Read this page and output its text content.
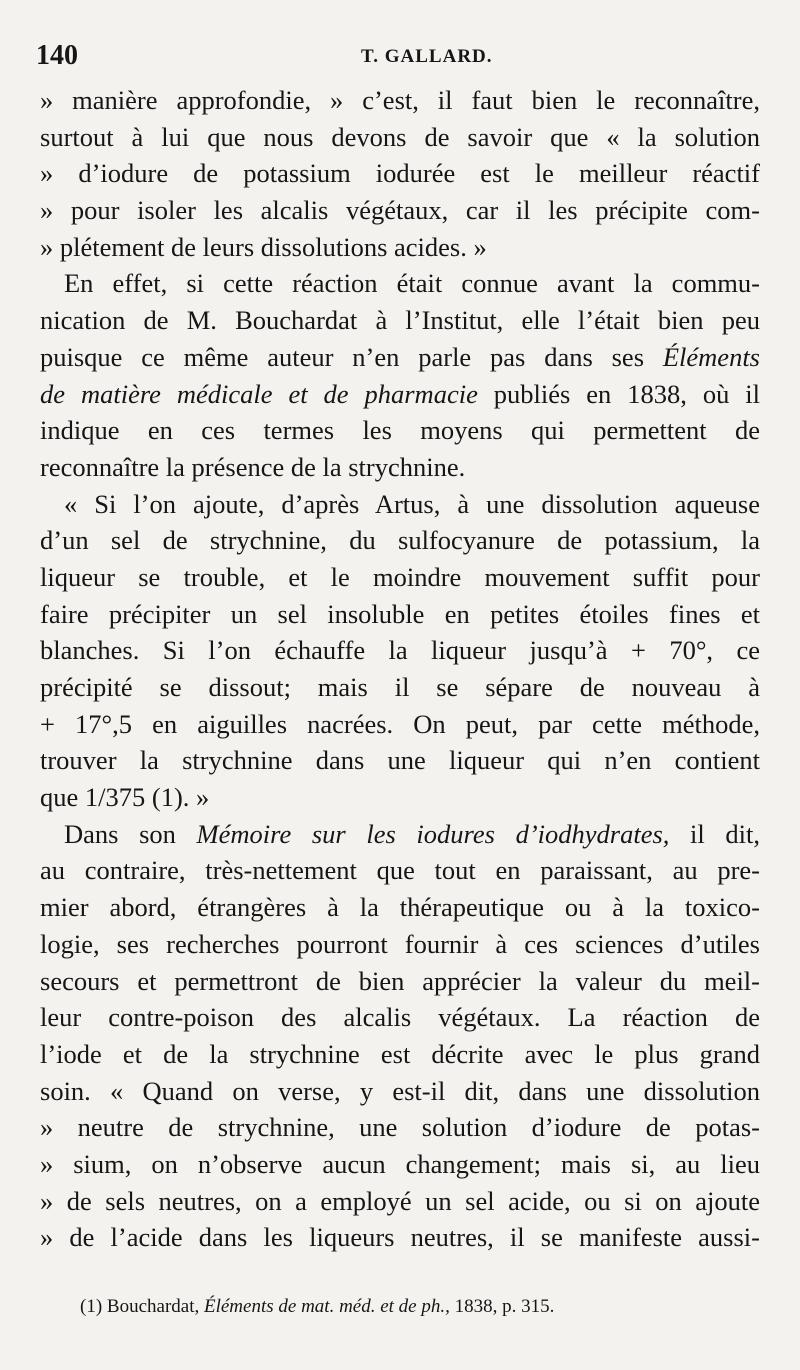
140	T. GALLARD.
» manière approfondie, » c’est, il faut bien le reconnaître,
surtout à lui que nous devons de savoir que « la solution
» d’iodure de potassium iodurée est le meilleur réactif
» pour isoler les alcalis végétaux, car il les précipite com-
» plétement de leurs dissolutions acides. »
En effet, si cette réaction était connue avant la commu-
nication de M. Bouchardat à l’Institut, elle l’était bien peu
puisque ce même auteur n’en parle pas dans ses Éléments
de matière médicale et de pharmacie publiés en 1838, où il
indique en ces termes les moyens qui permettent de
reconnaître la présence de la strychnine.
« Si l’on ajoute, d’après Artus, à une dissolution aqueuse
d’un sel de strychnine, du sulfocyanure de potassium, la
liqueur se trouble, et le moindre mouvement suffit pour
faire précipiter un sel insoluble en petites étoiles fines et
blanches. Si l’on échauffe la liqueur jusqu’à + 70°, ce
précipité se dissout; mais il se sépare de nouveau à
+ 17°,5 en aiguilles nacrées. On peut, par cette méthode,
trouver la strychnine dans une liqueur qui n’en contient
que 1/375 (1). »
Dans son Mémoire sur les iodures d’iodhydrates, il dit,
au contraire, très-nettement que tout en paraissant, au pre-
mier abord, étrangères à la thérapeutique ou à la toxico-
logie, ses recherches pourront fournir à ces sciences d’utiles
secours et permettront de bien apprécier la valeur du meil-
leur contre-poison des alcalis végétaux. La réaction de
l’iode et de la strychnine est décrite avec le plus grand
soin. « Quand on verse, y est-il dit, dans une dissolution
» neutre de strychnine, une solution d’iodure de potas-
» sium, on n’observe aucun changement; mais si, au lieu
» de sels neutres, on a employé un sel acide, ou si on ajoute
» de l’acide dans les liqueurs neutres, il se manifeste aussi-
(1) Bouchardat, Éléments de mat. méd. et de ph., 1838, p. 315.
